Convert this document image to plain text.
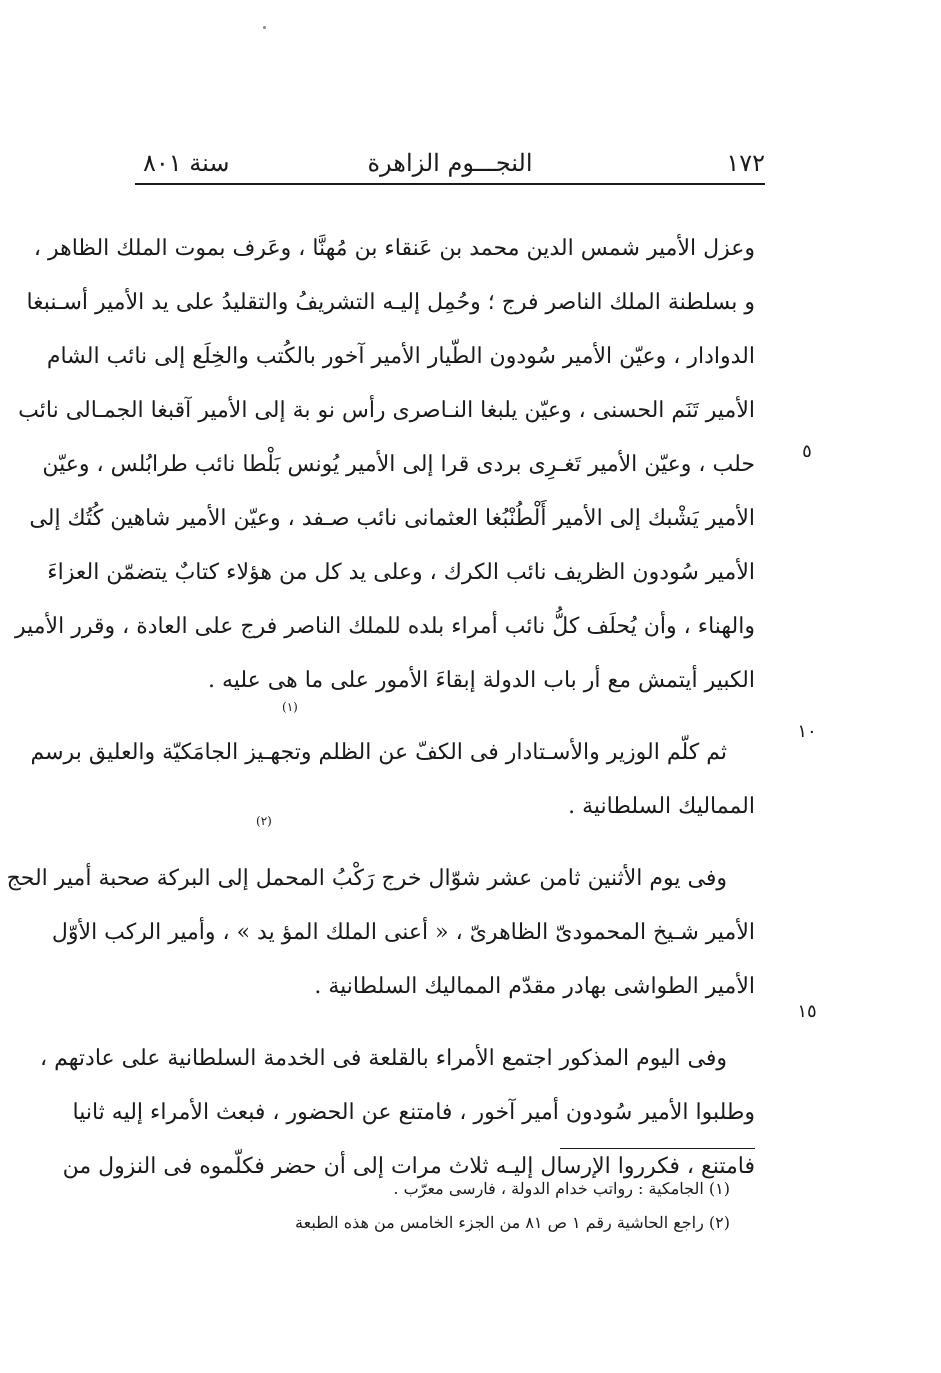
١٧٢
النجـــوم الزاهرة
سنة ٨٠١
وعزل الأمير شمس الدين محمد بن عَنقاء بن مُهنَّا ، وعَرف بموت الملك الظاهر ،
و بسلطنة الملك الناصر فرج ؛ وحُمِل إليـه التشريفُ والتقليدُ على يد الأمير أسـنبغا
الدوادار ، وعيّن الأمير سُودون الطّيار الأمير آخور بالكُتب والخِلَع إلى نائب الشام
الأمير تَنَم الحسنى ، وعيّن يلبغا النـاصرى رأس نو بة إلى الأمير آقبغا الجمـالى نائب
حلب ، وعيّن الأمير تَغـرِى بردى قرا إلى الأمير يُونس بَلْطا نائب طرابُلس ، وعيّن
الأمير يَشْبك إلى الأمير أَلْطُنْبُغا العثمانى نائب صـفد ، وعيّن الأمير شاهين كُتُك إلى
الأمير سُودون الظريف نائب الكرك ، وعلى يد كل من هؤلاء كتابٌ يتضمّن العزاءَ
والهناء ، وأن يُحلَف كلُّ نائب أمراء بلده للملك الناصر فرج على العادة ، وقرر الأمير
الكبير أيتمش مع أر باب الدولة إبقاءَ الأمور على ما هى عليه .
ثم كلّم الوزير والأسـتادار فى الكفّ عن الظلم وتجهـيز الجامَكيّة والعليق برسم
المماليك السلطانية .
وفى يوم الأثنين ثامن عشر شوّال خرج رَكْبُ المحمل إلى البركة صحبة أمير الحج
الأمير شـيخ المحمودىّ الظاهرىّ ، « أعنى الملك المؤ يد » ، وأمير الركب الأوّل
الأمير الطواشى بهادر مقدّم المماليك السلطانية .
وفى اليوم المذكور اجتمع الأمراء بالقلعة فى الخدمة السلطانية على عادتهم ،
وطلبوا الأمير سُودون أمير آخور ، فامتنع عن الحضور ، فبعث الأمراء إليه ثانيا
فامتنع ، فكرروا الإرسال إليـه ثلاث مرات إلى أن حضر فكلّموه فى النزول من
٥
١٠
١٥
(١)
(٢)
(١) الجامكية : رواتب خدام الدولة ، فارسى معرّب .
(٢) راجع الحاشية رقم ١ ص ٨١ من الجزء الخامس من هذه الطبعة
